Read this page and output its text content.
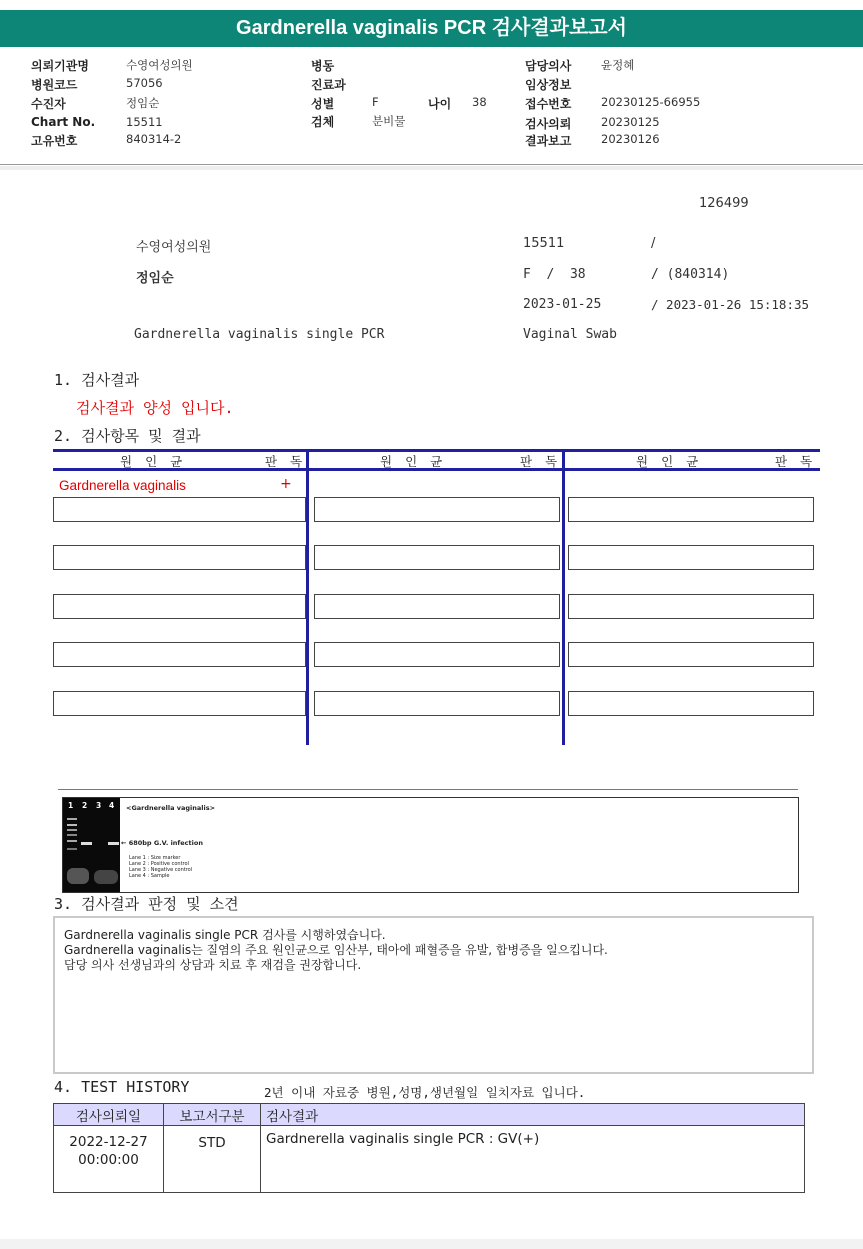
Gardnerella vaginalis PCR 검사결과보고서
의뢰기관명	수영여성의원
병원코드	57056
수진자	정임순
Chart No.	15511
고유번호	840314-2
병동
진료과
성별	F	나이 38
검체	분비물
담당의사	윤정혜
임상정보
접수번호	20230125-66955
검사의뢰	20230125
결과보고	20230126
126499
수영여성의원	15511	/
정임순	F  /  38	/ (840314)
2023-01-25	/ 2023-01-26 15:18:35
Gardnerella vaginalis single PCR	Vaginal Swab
1. 검사결과
검사결과 양성 입니다.
2. 검사항목 및 결과
원인균	판독	원인균	판독	원인균	판독
Gardnerella vaginalis	+
1 2 3 4 <Gardnerella vaginalis>
← 680bp G.V. infection
Lane 1 : Size marker
Lane 2 : Positive control
Lane 3 : Negative control
Lane 4 : Sample
3. 검사결과 판정 및 소견
Gardnerella vaginalis single PCR 검사를 시행하였습니다.
Gardnerella vaginalis는 질염의 주요 원인균으로 임산부, 태아에 패혈증을 유발, 합병증을 일으킵니다.
담당 의사 선생님과의 상담과 치료 후 재검을 권장합니다.
4. TEST HISTORY	2년 이내 자료중 병원,성명,생년월일 일치자료 입니다.
검사의뢰일	보고서구분	검사결과

2022-12-27
00:00:00	STD	Gardnerella vaginalis single PCR : GV(+)
